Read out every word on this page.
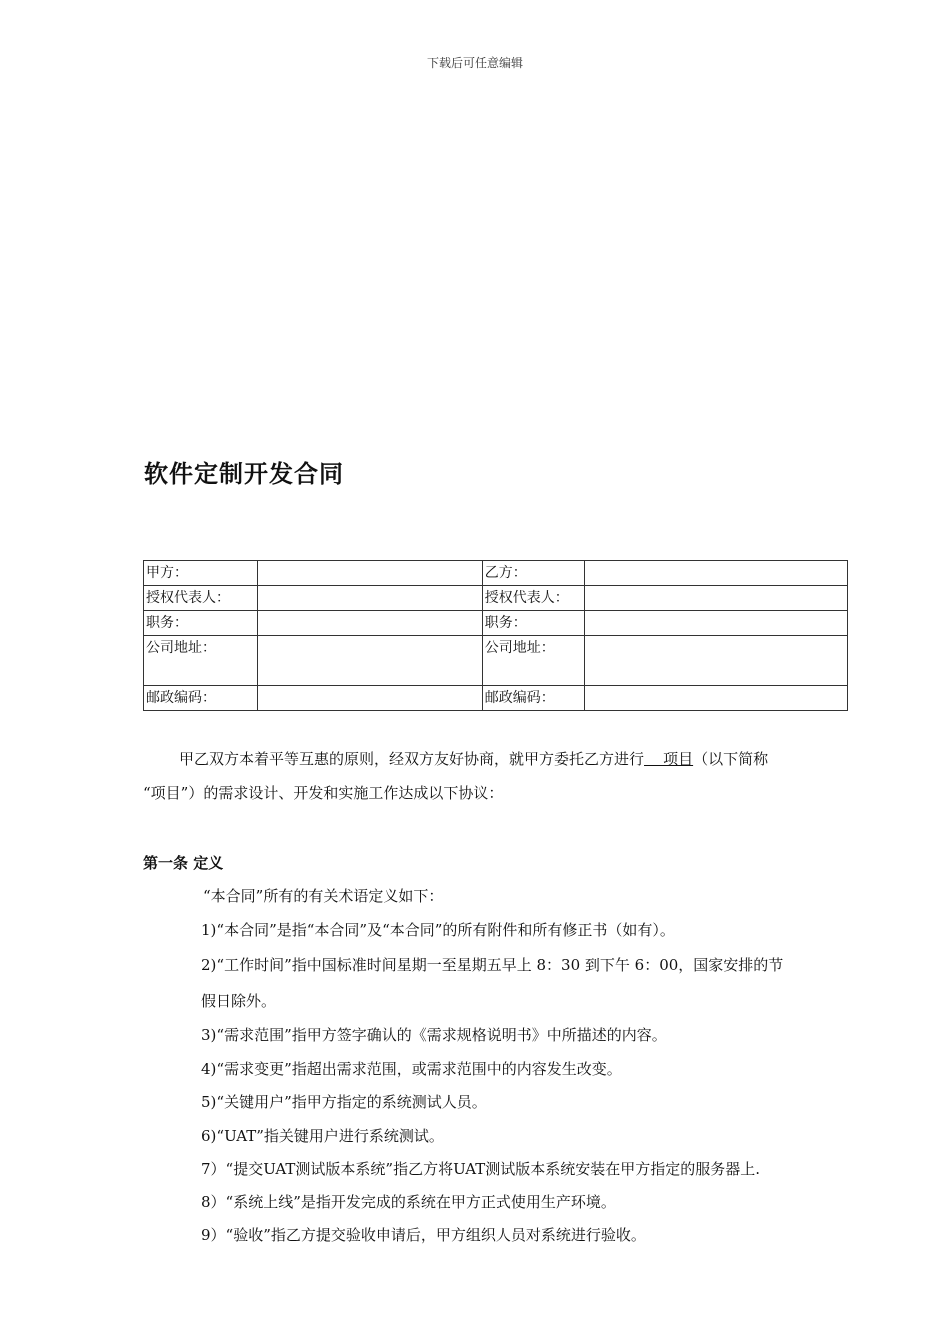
下载后可任意编辑
软件定制开发合同
甲方：		乙方：	
授权代表人：		授权代表人：	
职务：		职务：	
公司地址：		公司地址：	
邮政编码：		邮政编码：	
甲乙双方本着平等互惠的原则，经双方友好协商，就甲方委托乙方进行    项目（以下简称
“项目”）的需求设计、开发和实施工作达成以下协议：
第一条 定义
“本合同”所有的有关术语定义如下：
1)“本合同”是指“本合同”及“本合同”的所有附件和所有修正书（如有）。
2)“工作时间”指中国标准时间星期一至星期五早上 8：30 到下午 6：00，国家安排的节
假日除外。
3)“需求范围”指甲方签字确认的《需求规格说明书》中所描述的内容。
4)“需求变更”指超出需求范围，或需求范围中的内容发生改变。
5)“关键用户”指甲方指定的系统测试人员。
6)“UAT”指关键用户进行系统测试。
7）“提交UAT测试版本系统”指乙方将UAT测试版本系统安装在甲方指定的服务器上.
8）“系统上线”是指开发完成的系统在甲方正式使用生产环境。
9）“验收”指乙方提交验收申请后，甲方组织人员对系统进行验收。
